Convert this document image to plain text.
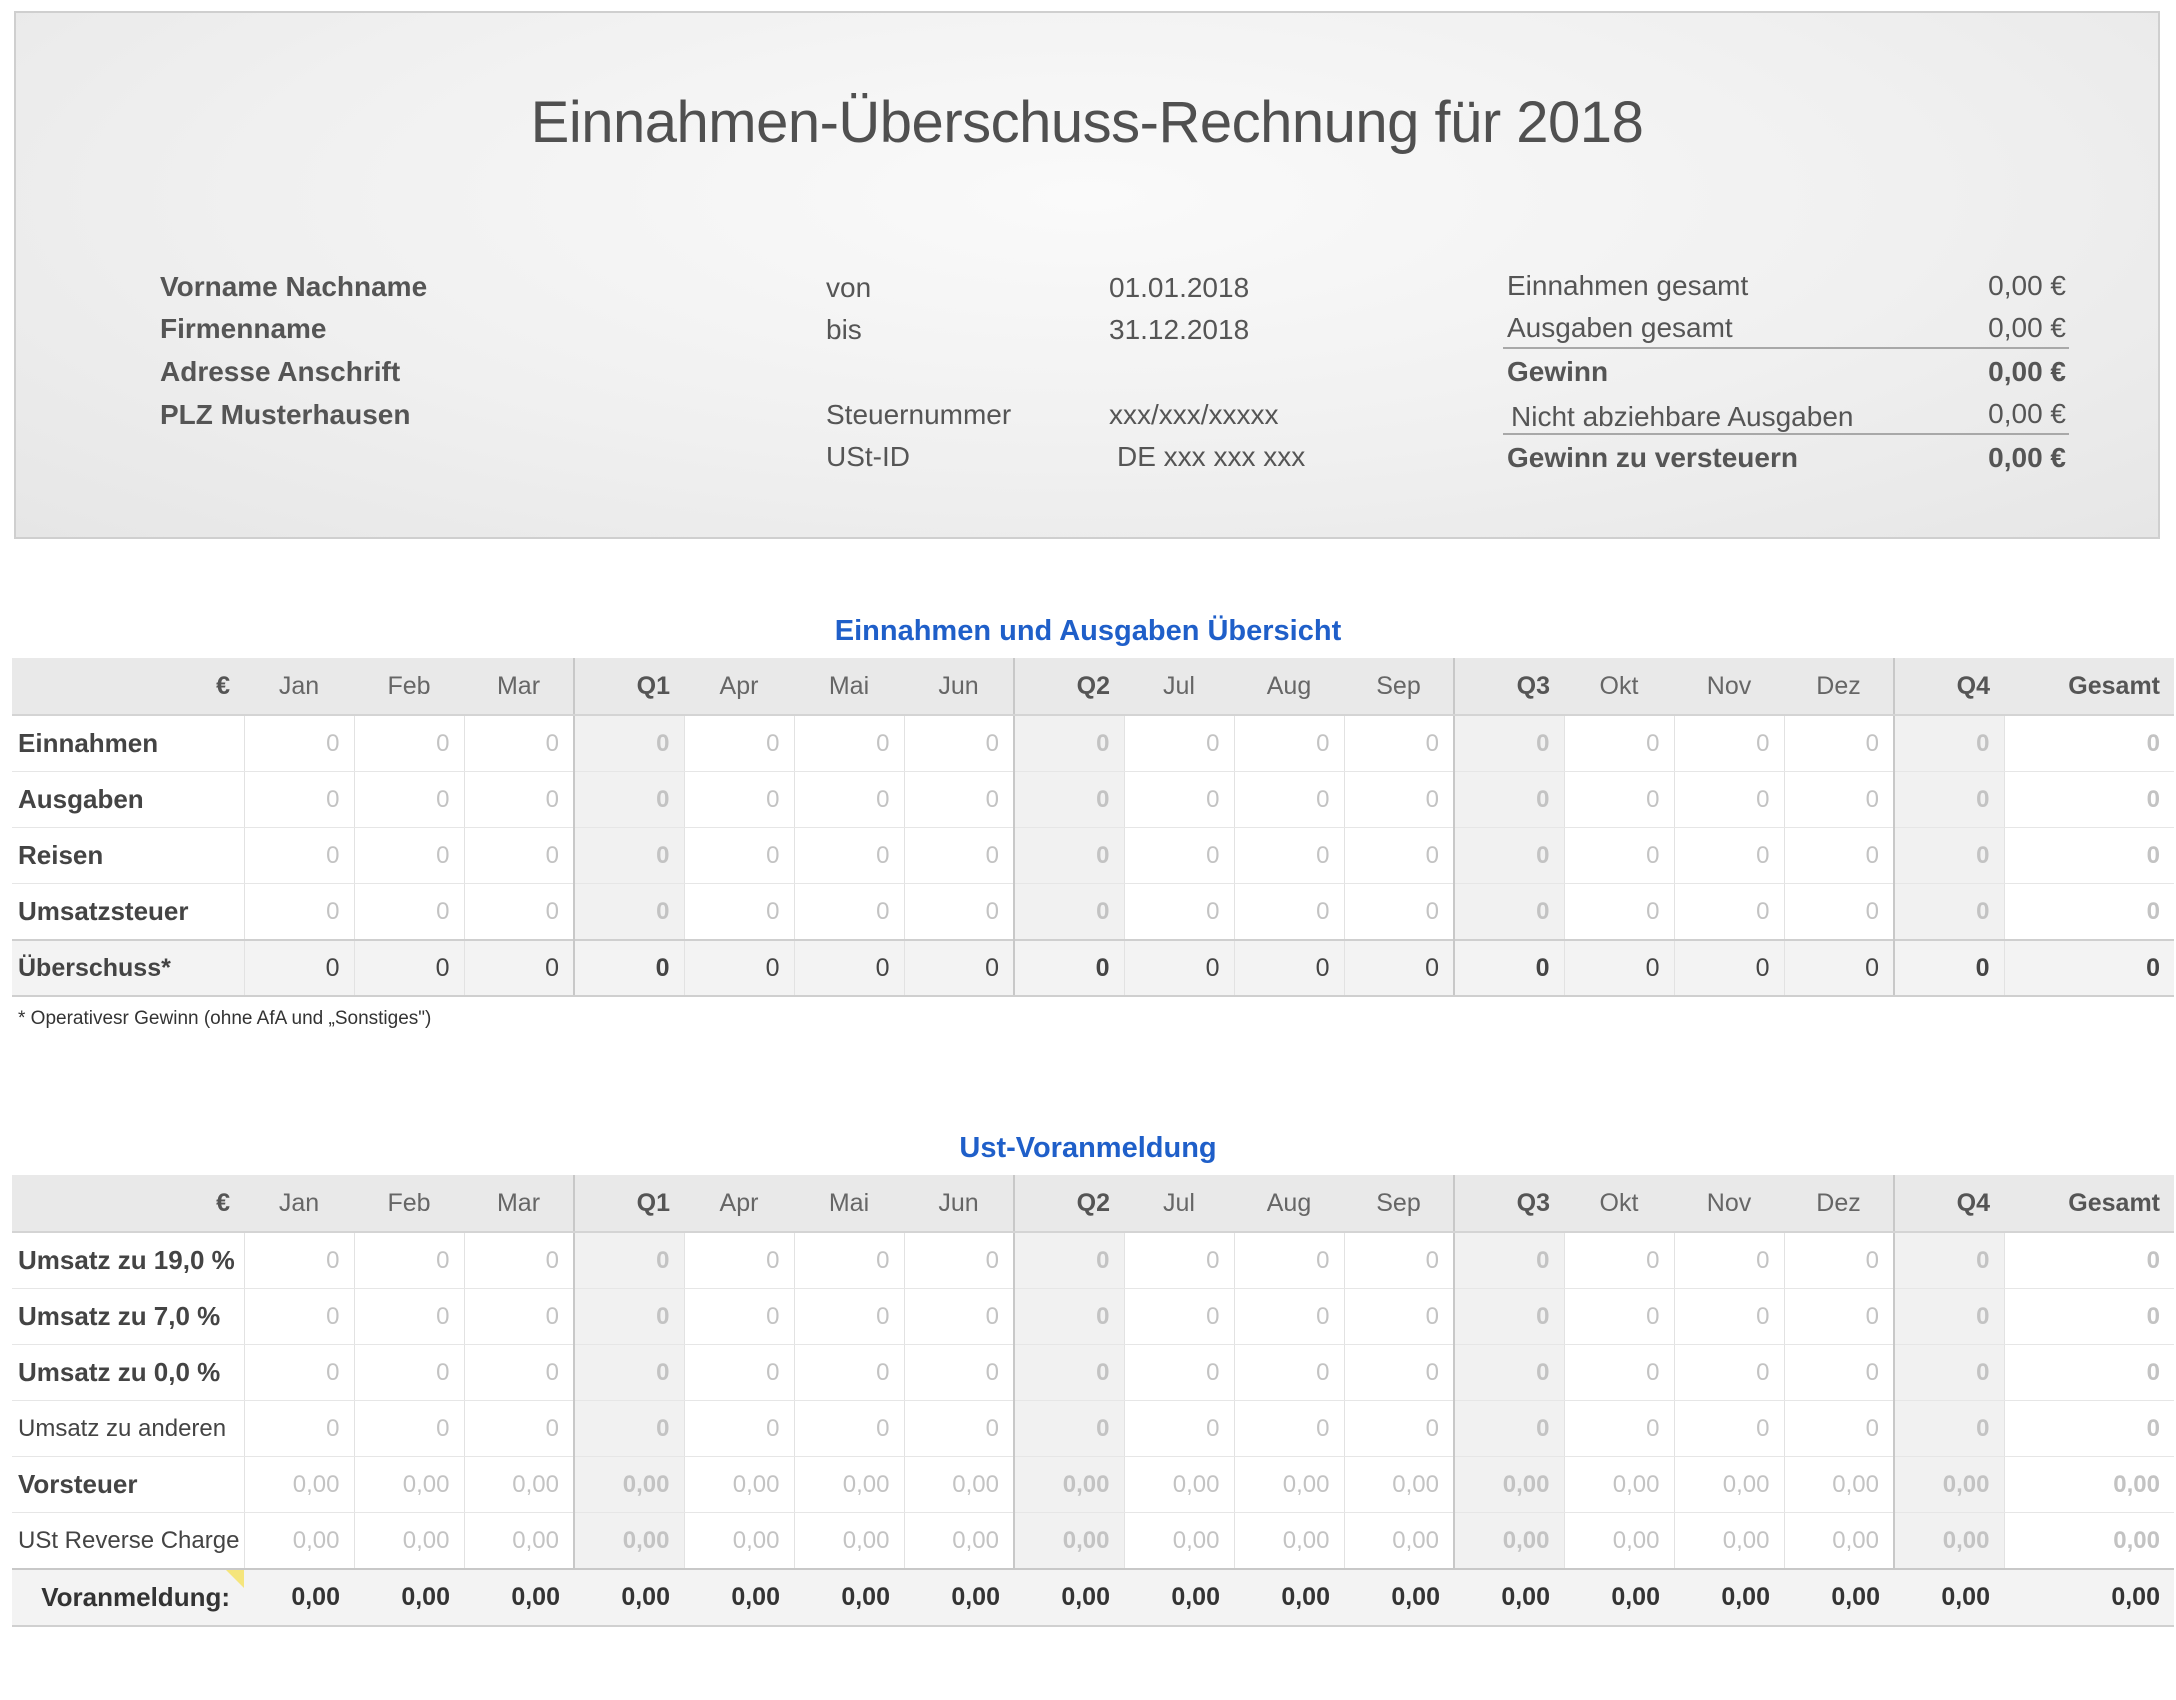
Einnahmen-Überschuss-Rechnung für 2018
Vorname Nachname
Firmenname
Adresse Anschrift
PLZ Musterhausen
von	01.01.2018
bis	31.12.2018
Steuernummer	xxx/xxx/xxxxx
USt-ID	DE xxx xxx xxx
Einnahmen gesamt	0,00 €
Ausgaben gesamt	0,00 €
Gewinn	0,00 €
Nicht abziehbare Ausgaben	0,00 €
Gewinn zu versteuern	0,00 €
Einnahmen und Ausgaben Übersicht
€	Jan	Feb	Mar	Q1	Apr	Mai	Jun	Q2	Jul	Aug	Sep	Q3	Okt	Nov	Dez	Q4	Gesamt
Einnahmen	0	0	0	0	0	0	0	0	0	0	0	0	0	0	0	0	0
Ausgaben	0	0	0	0	0	0	0	0	0	0	0	0	0	0	0	0	0
Reisen	0	0	0	0	0	0	0	0	0	0	0	0	0	0	0	0	0
Umsatzsteuer	0	0	0	0	0	0	0	0	0	0	0	0	0	0	0	0	0
Überschuss*	0	0	0	0	0	0	0	0	0	0	0	0	0	0	0	0	0
* Operativesr Gewinn (ohne AfA und „Sonstiges")
Ust-Voranmeldung
€	Jan	Feb	Mar	Q1	Apr	Mai	Jun	Q2	Jul	Aug	Sep	Q3	Okt	Nov	Dez	Q4	Gesamt
Umsatz zu 19,0 %	0	0	0	0	0	0	0	0	0	0	0	0	0	0	0	0	0
Umsatz zu 7,0 %	0	0	0	0	0	0	0	0	0	0	0	0	0	0	0	0	0
Umsatz zu 0,0 %	0	0	0	0	0	0	0	0	0	0	0	0	0	0	0	0	0
Umsatz zu anderen	0	0	0	0	0	0	0	0	0	0	0	0	0	0	0	0	0
Vorsteuer	0,00	0,00	0,00	0,00	0,00	0,00	0,00	0,00	0,00	0,00	0,00	0,00	0,00	0,00	0,00	0,00	0,00
USt Reverse Charge	0,00	0,00	0,00	0,00	0,00	0,00	0,00	0,00	0,00	0,00	0,00	0,00	0,00	0,00	0,00	0,00	0,00
Voranmeldung:	0,00	0,00	0,00	0,00	0,00	0,00	0,00	0,00	0,00	0,00	0,00	0,00	0,00	0,00	0,00	0,00	0,00
